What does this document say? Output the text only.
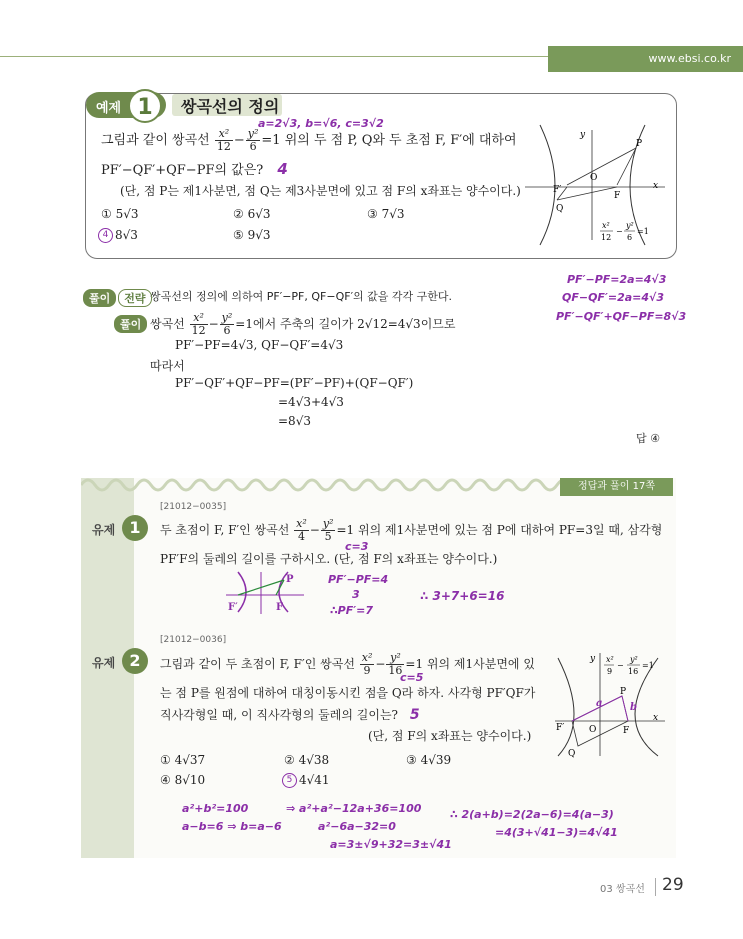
www.ebsi.co.kr
예제 1	쌍곡선의 정의
a=2√3, b=√6, c=3√2
그림과 같이 쌍곡선 $\frac{\text{x²}}{12} - \frac{\text{y²}}{6} =1$ 위의 두 점 P, Q와 두 초점 F, F′에 대하여
PF′−QF′+QF−PF의 값은? 4
(단, 점 P는 제1사분면, 점 Q는 제3사분면에 있고 점 F의 x좌표는 양수이다.)
① 5√3	② 6√3	③ 7√3
4 8√3	⑤ 9√3
y
x
O
P
Q
F
F′
x²
12
−
y²
6
=1
풀이 전략 쌍곡선의 정의에 의하여 PF′−PF, QF−QF′의 값을 각각 구한다.
PF′−PF=2a=4√3
QF−QF′=2a=4√3
PF′−QF′+QF−PF=8√3
풀이 쌍곡선 $\frac{\text{x²}}{12} - \frac{\text{y²}}{6} =1$에서 주축의 길이가 2√12=4√3이므로
PF′−PF=4√3, QF−QF′=4√3
따라서
PF′−QF′+QF−PF=(PF′−PF)+(QF−QF′)
=4√3+4√3
=8√3
답 ④
정답과 풀이 17쪽
[21012−0035]
유제 1	두 초점이 F, F′인 쌍곡선 $\frac{\text{x²}}{4} - \frac{\text{y²}}{5} =1$ 위의 제1사분면에 있는 점 P에 대하여 PF=3일 때, 삼각형
c=3
PF′F의 둘레의 길이를 구하시오. (단, 점 F의 x좌표는 양수이다.)
P
F
F′
PF′−PF=4
3
∴PF′=7
∴ 3+7+6=16
[21012−0036]
유제 2	그림과 같이 두 초점이 F, F′인 쌍곡선 $\frac{\text{x²}}{9} - \frac{\text{y²}}{16} =1$ 위의 제1사분면에 있
c=5
는 점 P를 원점에 대하여 대칭이동시킨 점을 Q라 하자. 사각형 PF′QF가
직사각형일 때, 이 직사각형의 둘레의 길이는? 5
(단, 점 F의 x좌표는 양수이다.)
① 4√37	② 4√38	③ 4√39
④ 8√10	5 4√41
y
x
O
P
Q
F
F′
a	b
x²
9
−
y²
16
=1
a²+b²=100
a−b=6 ⇒ b=a−6
⇒ a²+a²−12a+36=100
a²−6a−32=0
a=3±√9+32=3±√41
∴ 2(a+b)=2(2a−6)=4(a−3)
=4(3+√41−3)=4√41
03 쌍곡선 29
